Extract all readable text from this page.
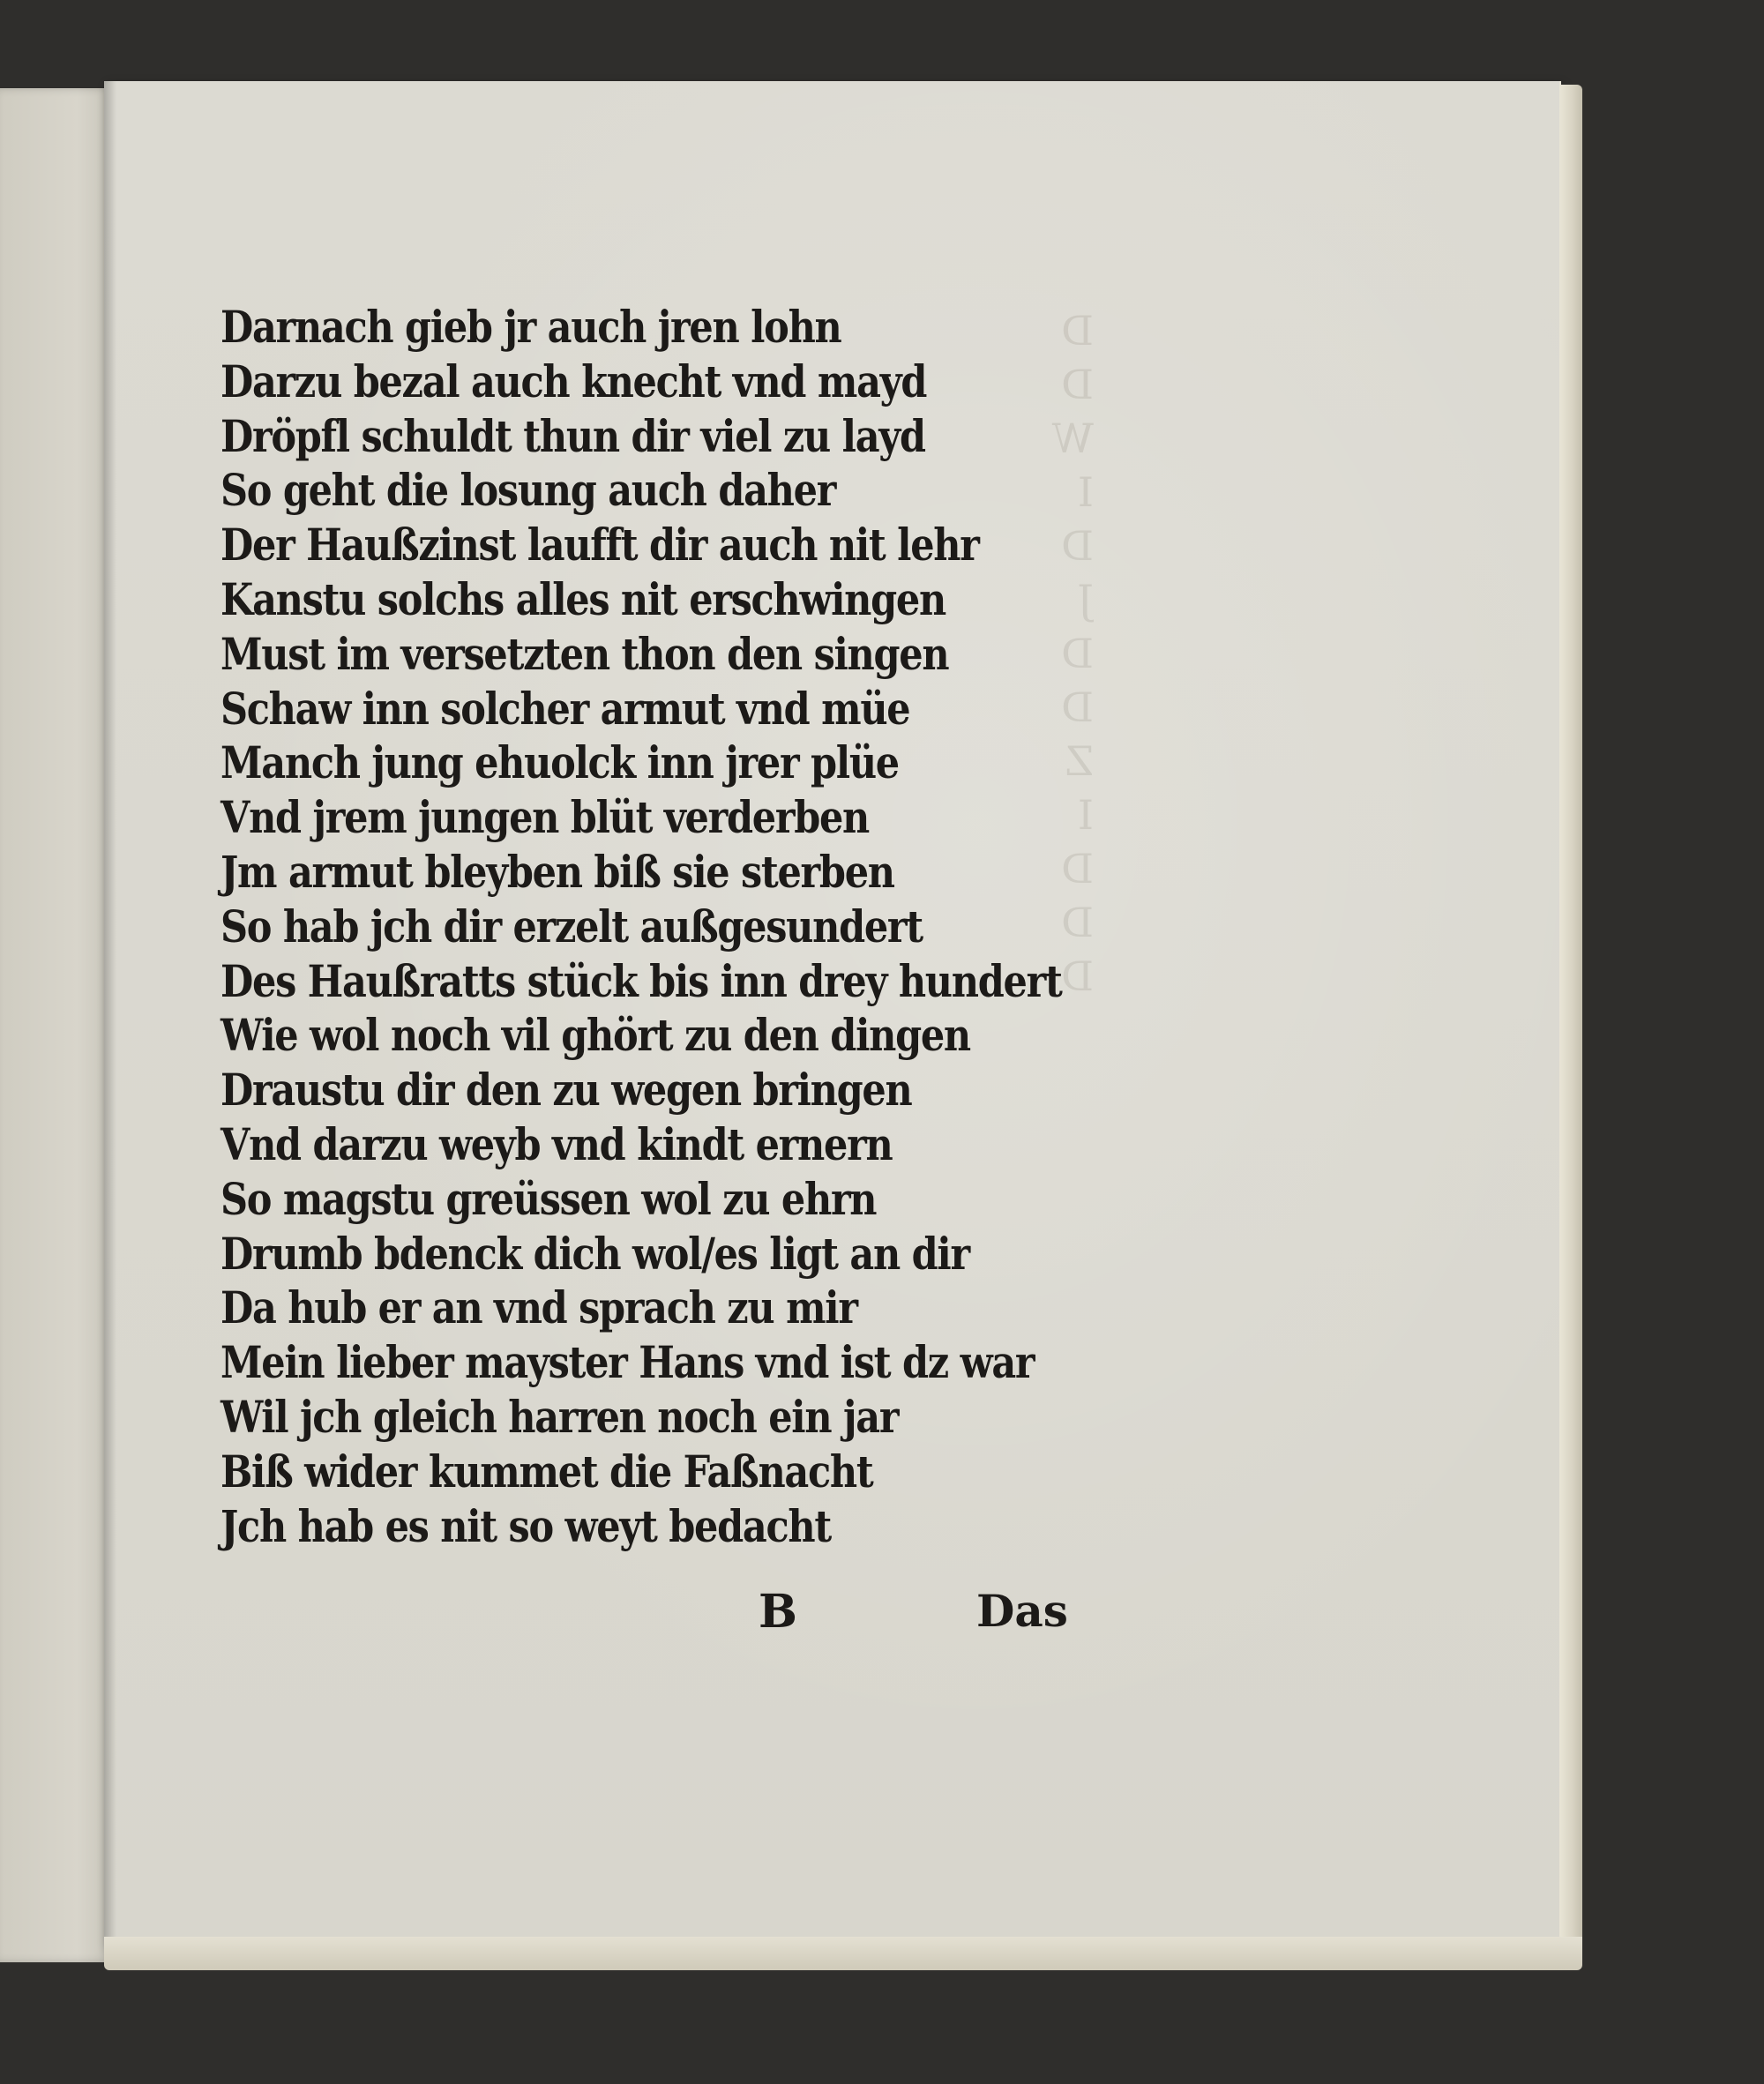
D
D
W
I
D
J
D
D
Z
I
D
D
D
Darnach gieb jr auch jren lohn
Darzu bezal auch knecht vnd mayd
Dröpfl schuldt thun dir viel zu layd
So geht die losung auch daher
Der Haußzinst laufft dir auch nit lehr
Kanstu solchs alles nit erschwingen
Must im versetzten thon den singen
Schaw inn solcher armut vnd müe
Manch jung ehuolck inn jrer plüe
Vnd jrem jungen blüt verderben
Jm armut bleyben biß sie sterben
So hab jch dir erzelt außgesundert
Des Haußratts stück bis inn drey hundert
Wie wol noch vil ghört zu den dingen
Draustu dir den zu wegen bringen
Vnd darzu weyb vnd kindt ernern
So magstu greüssen wol zu ehrn
Drumb bdenck dich wol/es ligt an dir
Da hub er an vnd sprach zu mir
Mein lieber mayster Hans vnd ist dz war
Wil jch gleich harren noch ein jar
Biß wider kummet die Faßnacht
Jch hab es nit so weyt bedacht
B	Das
